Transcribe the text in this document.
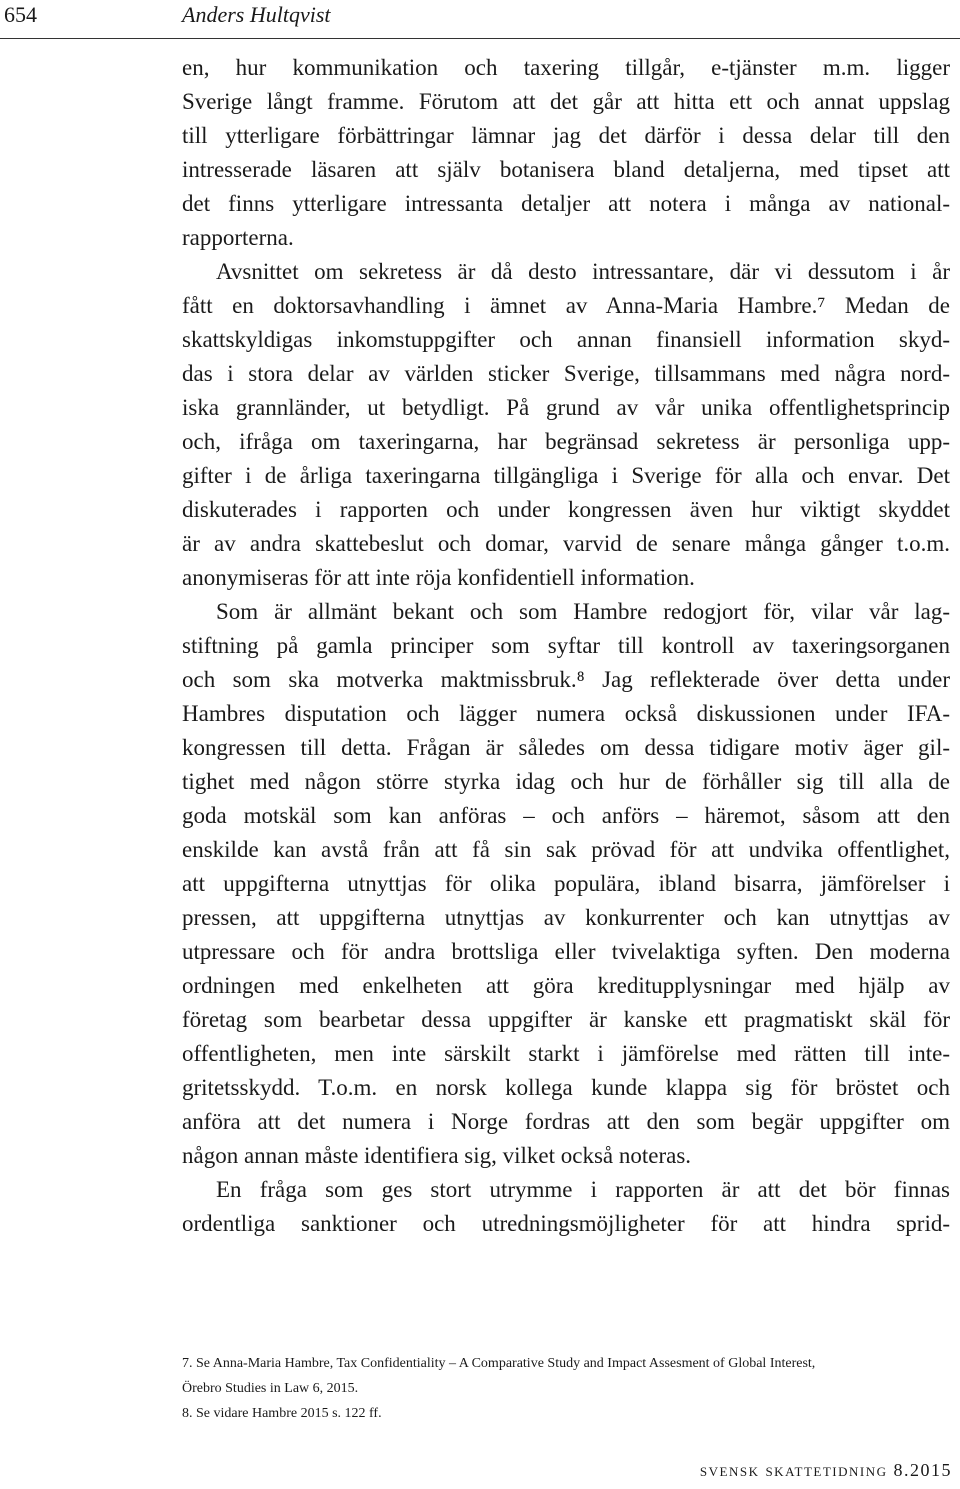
654	Anders Hultqvist
en, hur kommunikation och taxering tillgår, e-tjänster m.m. ligger
Sverige långt framme. Förutom att det går att hitta ett och annat uppslag
till ytterligare förbättringar lämnar jag det därför i dessa delar till den
intresserade läsaren att själv botanisera bland detaljerna, med tipset att
det finns ytterligare intressanta detaljer att notera i många av national-
rapporterna.
Avsnittet om sekretess är då desto intressantare, där vi dessutom i år
fått en doktorsavhandling i ämnet av Anna-Maria Hambre.⁷ Medan de
skattskyldigas inkomstuppgifter och annan finansiell information skyd-
das i stora delar av världen sticker Sverige, tillsammans med några nord-
iska grannländer, ut betydligt. På grund av vår unika offentlighetsprincip
och, ifråga om taxeringarna, har begränsad sekretess är personliga upp-
gifter i de årliga taxeringarna tillgängliga i Sverige för alla och envar. Det
diskuterades i rapporten och under kongressen även hur viktigt skyddet
är av andra skattebeslut och domar, varvid de senare många gånger t.o.m.
anonymiseras för att inte röja konfidentiell information.
Som är allmänt bekant och som Hambre redogjort för, vilar vår lag-
stiftning på gamla principer som syftar till kontroll av taxeringsorganen
och som ska motverka maktmissbruk.⁸ Jag reflekterade över detta under
Hambres disputation och lägger numera också diskussionen under IFA-
kongressen till detta. Frågan är således om dessa tidigare motiv äger gil-
tighet med någon större styrka idag och hur de förhåller sig till alla de
goda motskäl som kan anföras – och anförs – häremot, såsom att den
enskilde kan avstå från att få sin sak prövad för att undvika offentlighet,
att uppgifterna utnyttjas för olika populära, ibland bisarra, jämförelser i
pressen, att uppgifterna utnyttjas av konkurrenter och kan utnyttjas av
utpressare och för andra brottsliga eller tvivelaktiga syften. Den moderna
ordningen med enkelheten att göra kreditupplysningar med hjälp av
företag som bearbetar dessa uppgifter är kanske ett pragmatiskt skäl för
offentligheten, men inte särskilt starkt i jämförelse med rätten till inte-
gritetsskydd. T.o.m. en norsk kollega kunde klappa sig för bröstet och
anföra att det numera i Norge fordras att den som begär uppgifter om
någon annan måste identifiera sig, vilket också noteras.
En fråga som ges stort utrymme i rapporten är att det bör finnas
ordentliga sanktioner och utredningsmöjligheter för att hindra sprid-
7. Se Anna-Maria Hambre, Tax Confidentiality – A Comparative Study and Impact Assesment of Global Interest,
Örebro Studies in Law 6, 2015.
8. Se vidare Hambre 2015 s. 122 ff.
svensk skattetidning 8.2015
